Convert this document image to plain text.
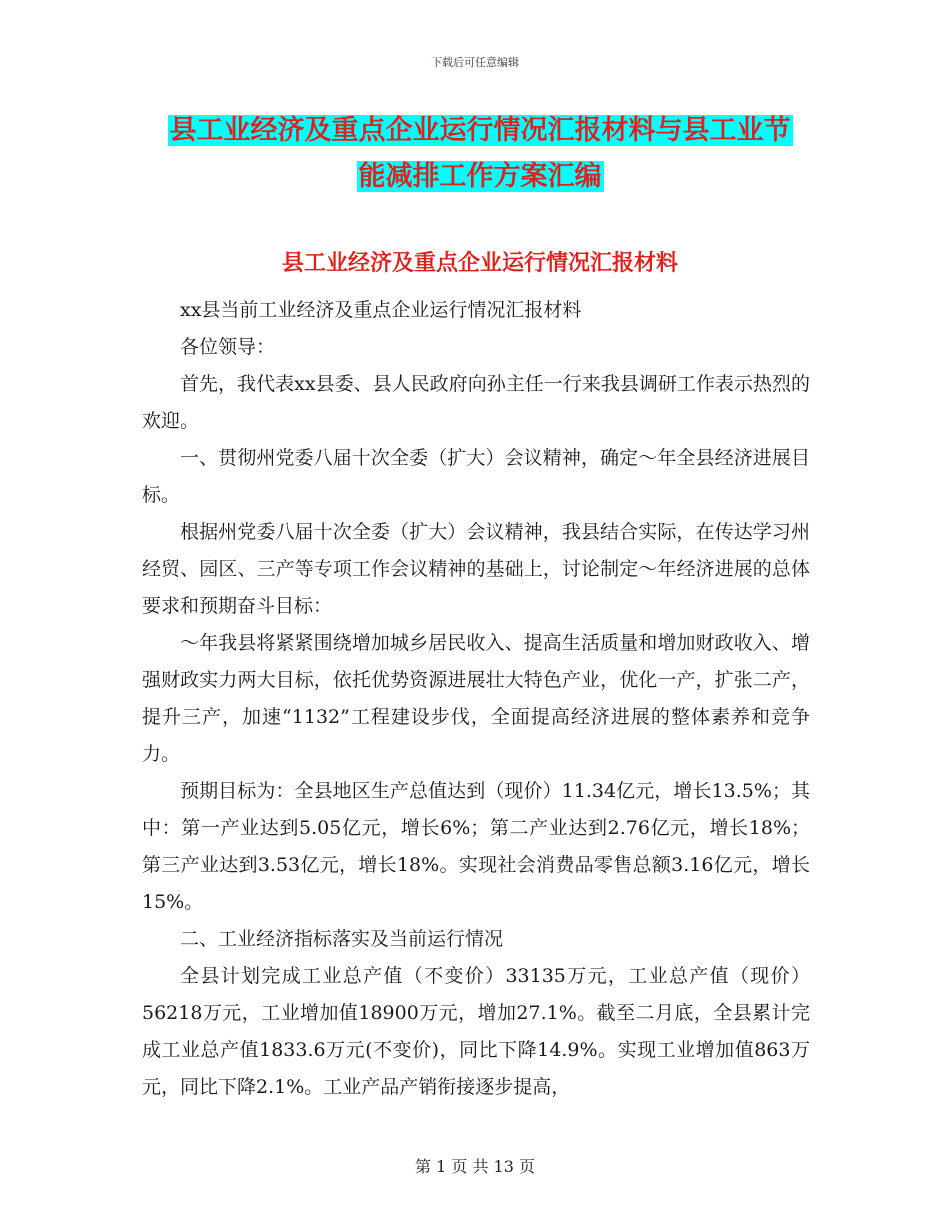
下载后可任意编辑
县工业经济及重点企业运行情况汇报材料与县工业节
能减排工作方案汇编
县工业经济及重点企业运行情况汇报材料

xx县当前工业经济及重点企业运行情况汇报材料

各位领导：

首先，我代表xx县委、县人民政府向孙主任一行来我县调研工作表示热烈的欢迎。

一、贯彻州党委八届十次全委（扩大）会议精神，确定～年全县经济进展目标。

根据州党委八届十次全委（扩大）会议精神，我县结合实际，在传达学习州经贸、园区、三产等专项工作会议精神的基础上，讨论制定～年经济进展的总体要求和预期奋斗目标：

～年我县将紧紧围绕增加城乡居民收入、提高生活质量和增加财政收入、增强财政实力两大目标，依托优势资源进展壮大特色产业，优化一产，扩张二产，提升三产，加速“1132”工程建设步伐，全面提高经济进展的整体素养和竞争力。

预期目标为：全县地区生产总值达到（现价）11.34亿元，增长13.5%；其中：第一产业达到5.05亿元，增长6%；第二产业达到2.76亿元，增长18%；第三产业达到3.53亿元，增长18%。实现社会消费品零售总额3.16亿元，增长15%。

二、工业经济指标落实及当前运行情况

全县计划完成工业总产值（不变价）33135万元，工业总产值（现价）56218万元，工业增加值18900万元，增加27.1%。截至二月底，全县累计完成工业总产值1833.6万元(不变价)，同比下降14.9%。实现工业增加值863万元，同比下降2.1%。工业产品产销衔接逐步提高，

第 1 页 共 13 页
